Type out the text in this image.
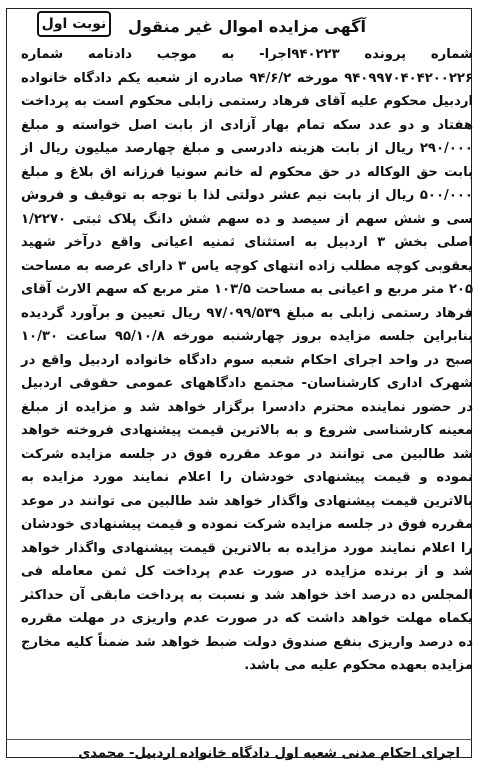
نوبت اول آگهی مزایده اموال غیر منقول

شماره پرونده ۹۴۰۲۲۳اجرا- به موجب دادنامه شماره ۹۴۰۹۹۷۰۴۰۴۲۰۰۲۲۶ مورخه ۹۴/۶/۲ صادره از شعبه یکم دادگاه خانواده اردبیل محکوم علیه آقای فرهاد رستمی زابلی محکوم است به پرداخت هفتاد و دو عدد سکه تمام بهار آزادی از بابت اصل خواسته و مبلغ ۲۹۰/۰۰۰ ریال از بابت هزینه دادرسی و مبلغ چهارصد میلیون ریال از بابت حق الوکاله در حق محکوم له خانم سونیا فرزانه اق بلاغ و مبلغ ۵۰۰/۰۰۰ ریال از بابت نیم عشر دولتی لذا با توجه به توقیف و فروش سی و شش سهم از سیصد و ده سهم شش دانگ پلاک ثبتی ۱/۲۲۷۰ اصلی بخش ۳ اردبیل به استثنای ثمنیه اعیانی واقع درآخر شهید یعقوبی کوچه مطلب زاده انتهای کوچه یاس ۳ دارای عرصه به مساحت ۲۰۵ متر مربع و اعیانی به مساحت ۱۰۳/۵ متر مربع که سهم الارث آقای فرهاد رستمی زابلی به مبلغ ۹۷/۰۹۹/۵۳۹ ریال تعیین و برآورد گردیده بنابراین جلسه مزایده بروز چهارشنبه مورخه ۹۵/۱۰/۸ ساعت ۱۰/۳۰ صبح در واحد اجرای احکام شعبه سوم دادگاه خانواده اردبیل واقع در شهرک اداری کارشناسان- مجتمع دادگاههای عمومی حقوقی اردبیل در حضور نماینده محترم دادسرا برگزار خواهد شد و مزایده از مبلغ معینه کارشناسی شروع و به بالاترین قیمت پیشنهادی فروخته خواهد شد طالبین می توانند در موعد مقرره فوق در جلسه مزایده شرکت نموده و قیمت پیشنهادی خودشان را اعلام نمایند مورد مزایده به بالاترین قیمت پیشنهادی واگذار خواهد شد طالبین می توانند در موعد مقرره فوق در جلسه مزایده شرکت نموده و قیمت پیشنهادی خودشان را اعلام نمایند مورد مزایده به بالاترین قیمت پیشنهادی واگذار خواهد شد و از برنده مزایده در صورت عدم پرداخت کل ثمن معامله فی المجلس ده درصد اخذ خواهد شد و نسبت به پرداخت مابقی آن حداکثر یکماه مهلت خواهد داشت که در صورت عدم واریزی در مهلت مقرره ده درصد واریزی بنفع صندوق دولت ضبط خواهد شد ضمناً کلیه مخارج مزایده بعهده محکوم علیه می باشد.

اجرای احکام مدنی شعبه اول دادگاه خانواده اردبیل- محمدی
